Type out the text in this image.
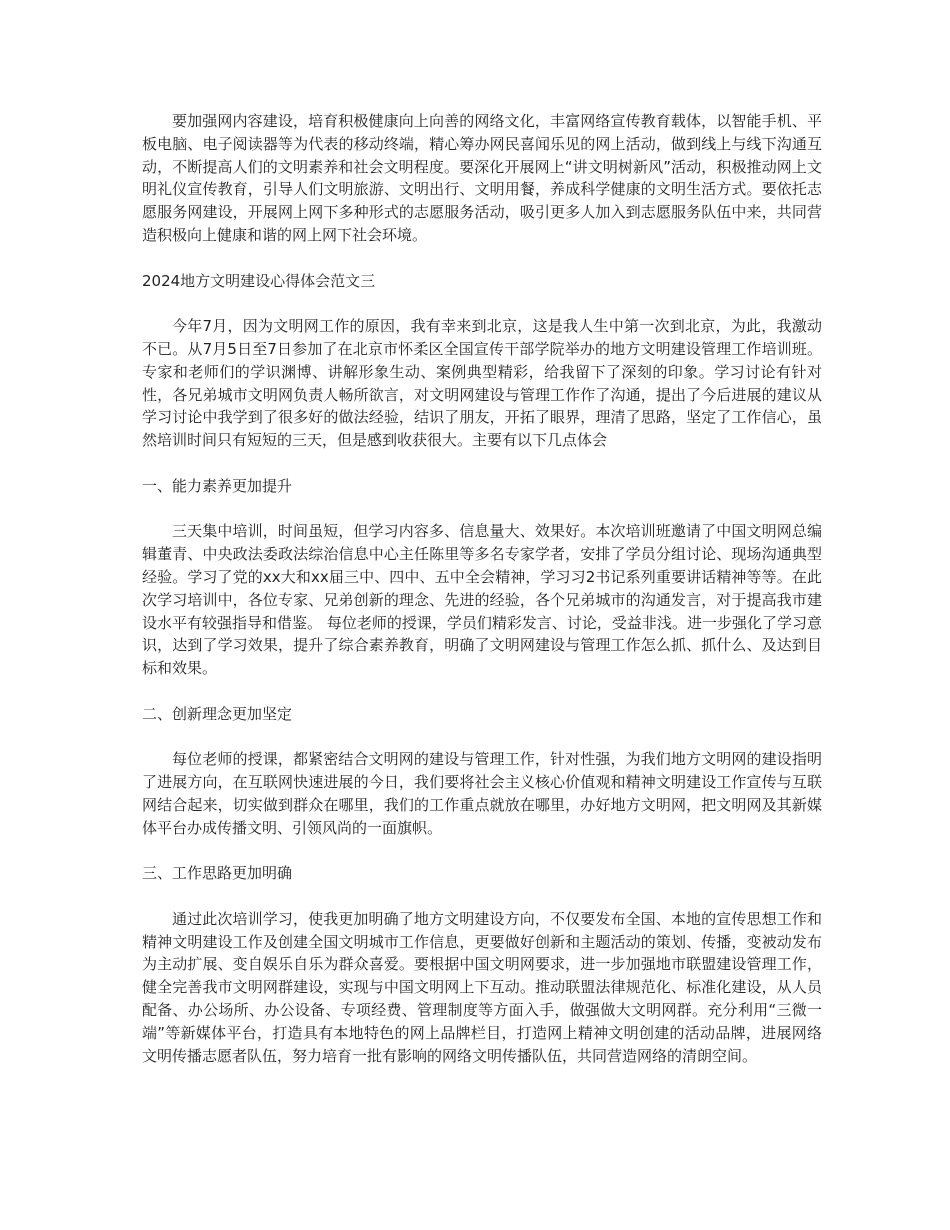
要加强网内容建设，培育积极健康向上向善的网络文化，丰富网络宣传教育载体，以智能手机、平板电脑、电子阅读器等为代表的移动终端，精心筹办网民喜闻乐见的网上活动，做到线上与线下沟通互动，不断提高人们的文明素养和社会文明程度。要深化开展网上“讲文明树新风”活动，积极推动网上文明礼仪宣传教育，引导人们文明旅游、文明出行、文明用餐，养成科学健康的文明生活方式。要依托志愿服务网建设，开展网上网下多种形式的志愿服务活动，吸引更多人加入到志愿服务队伍中来，共同营造积极向上健康和谐的网上网下社会环境。

2024地方文明建设心得体会范文三

今年7月，因为文明网工作的原因，我有幸来到北京，这是我人生中第一次到北京，为此，我激动不已。从7月5日至7日参加了在北京市怀柔区全国宣传干部学院举办的地方文明建设管理工作培训班。专家和老师们的学识渊博、讲解形象生动、案例典型精彩，给我留下了深刻的印象。学习讨论有针对性，各兄弟城市文明网负责人畅所欲言，对文明网建设与管理工作作了沟通，提出了今后进展的建议从学习讨论中我学到了很多好的做法经验，结识了朋友，开拓了眼界，理清了思路，坚定了工作信心，虽然培训时间只有短短的三天，但是感到收获很大。主要有以下几点体会

一、能力素养更加提升

三天集中培训，时间虽短，但学习内容多、信息量大、效果好。本次培训班邀请了中国文明网总编辑董青、中央政法委政法综治信息中心主任陈里等多名专家学者，安排了学员分组讨论、现场沟通典型经验。学习了党的xx大和xx届三中、四中、五中全会精神，学习习2书记系列重要讲话精神等等。在此次学习培训中，各位专家、兄弟创新的理念、先进的经验，各个兄弟城市的沟通发言，对于提高我市建设水平有较强指导和借鉴。 每位老师的授课，学员们精彩发言、讨论，受益非浅。进一步强化了学习意识，达到了学习效果，提升了综合素养教育，明确了文明网建设与管理工作怎么抓、抓什么、及达到目标和效果。

二、创新理念更加坚定

每位老师的授课，都紧密结合文明网的建设与管理工作，针对性强，为我们地方文明网的建设指明了进展方向，在互联网快速进展的今日，我们要将社会主义核心价值观和精神文明建设工作宣传与互联网结合起来，切实做到群众在哪里，我们的工作重点就放在哪里，办好地方文明网，把文明网及其新媒体平台办成传播文明、引领风尚的一面旗帜。

三、工作思路更加明确

通过此次培训学习，使我更加明确了地方文明建设方向，不仅要发布全国、本地的宣传思想工作和精神文明建设工作及创建全国文明城市工作信息，更要做好创新和主题活动的策划、传播，变被动发布为主动扩展、变自娱乐自乐为群众喜爱。要根据中国文明网要求，进一步加强地市联盟建设管理工作，健全完善我市文明网群建设，实现与中国文明网上下互动。推动联盟法律规范化、标准化建设，从人员配备、办公场所、办公设备、专项经费、管理制度等方面入手，做强做大文明网群。充分利用“三微一端”等新媒体平台，打造具有本地特色的网上品牌栏目，打造网上精神文明创建的活动品牌，进展网络文明传播志愿者队伍，努力培育一批有影响的网络文明传播队伍，共同营造网络的清朗空间。
